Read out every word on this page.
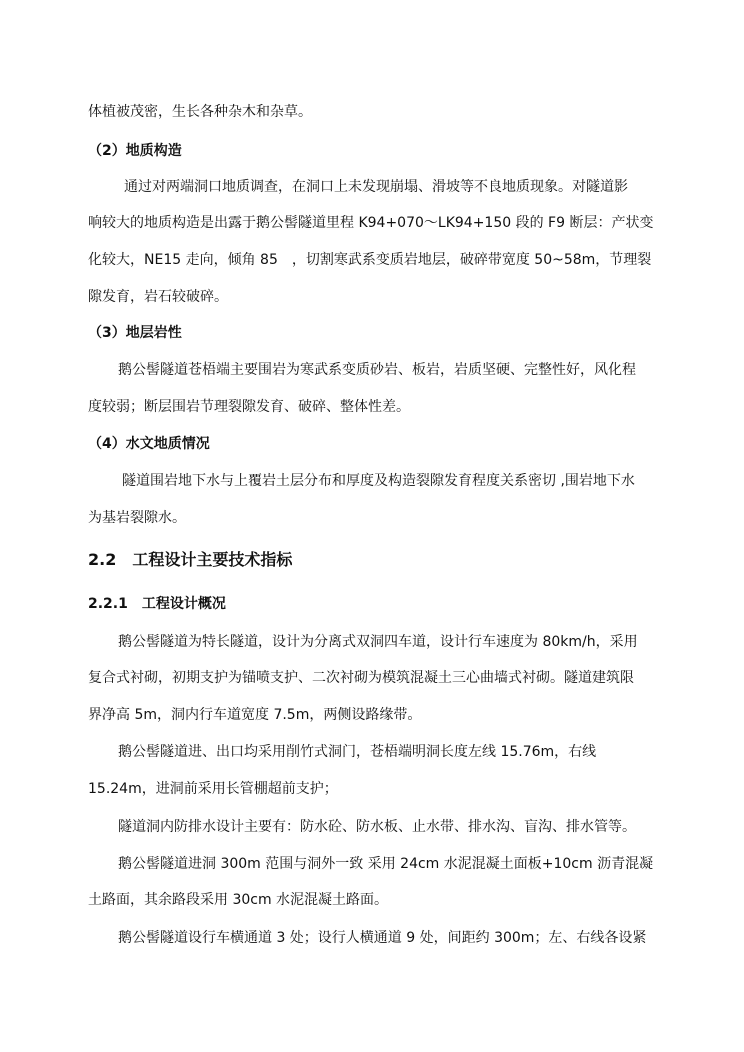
体植被茂密，生长各种杂木和杂草。
（2）地质构造
通过对两端洞口地质调查，在洞口上未发现崩塌、滑坡等不良地质现象。对隧道影
响较大的地质构造是出露于鹅公髻隧道里程 K94+070～LK94+150 段的 F9 断层：产状变
化较大，NE15 走向，倾角 85　，切割寒武系变质岩地层，破碎带宽度 50~58m，节理裂
隙发育，岩石较破碎。
（3）地层岩性
鹅公髻隧道苍梧端主要围岩为寒武系变质砂岩、板岩，岩质坚硬、完整性好，风化程
度较弱；断层围岩节理裂隙发育、破碎、整体性差。
（4）水文地质情况
隧道围岩地下水与上覆岩土层分布和厚度及构造裂隙发育程度关系密切 ,围岩地下水
为基岩裂隙水。
2.2　工程设计主要技术指标
2.2.1　工程设计概况
鹅公髻隧道为特长隧道，设计为分离式双洞四车道，设计行车速度为 80km/h，采用
复合式衬砌，初期支护为锚喷支护、二次衬砌为模筑混凝土三心曲墙式衬砌。隧道建筑限
界净高 5m，洞内行车道宽度 7.5m，两侧设路缘带。
鹅公髻隧道进、出口均采用削竹式洞门，苍梧端明洞长度左线 15.76m，右线
15.24m，进洞前采用长管棚超前支护；
隧道洞内防排水设计主要有：防水砼、防水板、止水带、排水沟、盲沟、排水管等。
鹅公髻隧道进洞 300m 范围与洞外一致 采用 24cm 水泥混凝土面板+10cm 沥青混凝
土路面，其余路段采用 30cm 水泥混凝土路面。
鹅公髻隧道设行车横通道 3 处；设行人横通道 9 处，间距约 300m；左、右线各设紧
